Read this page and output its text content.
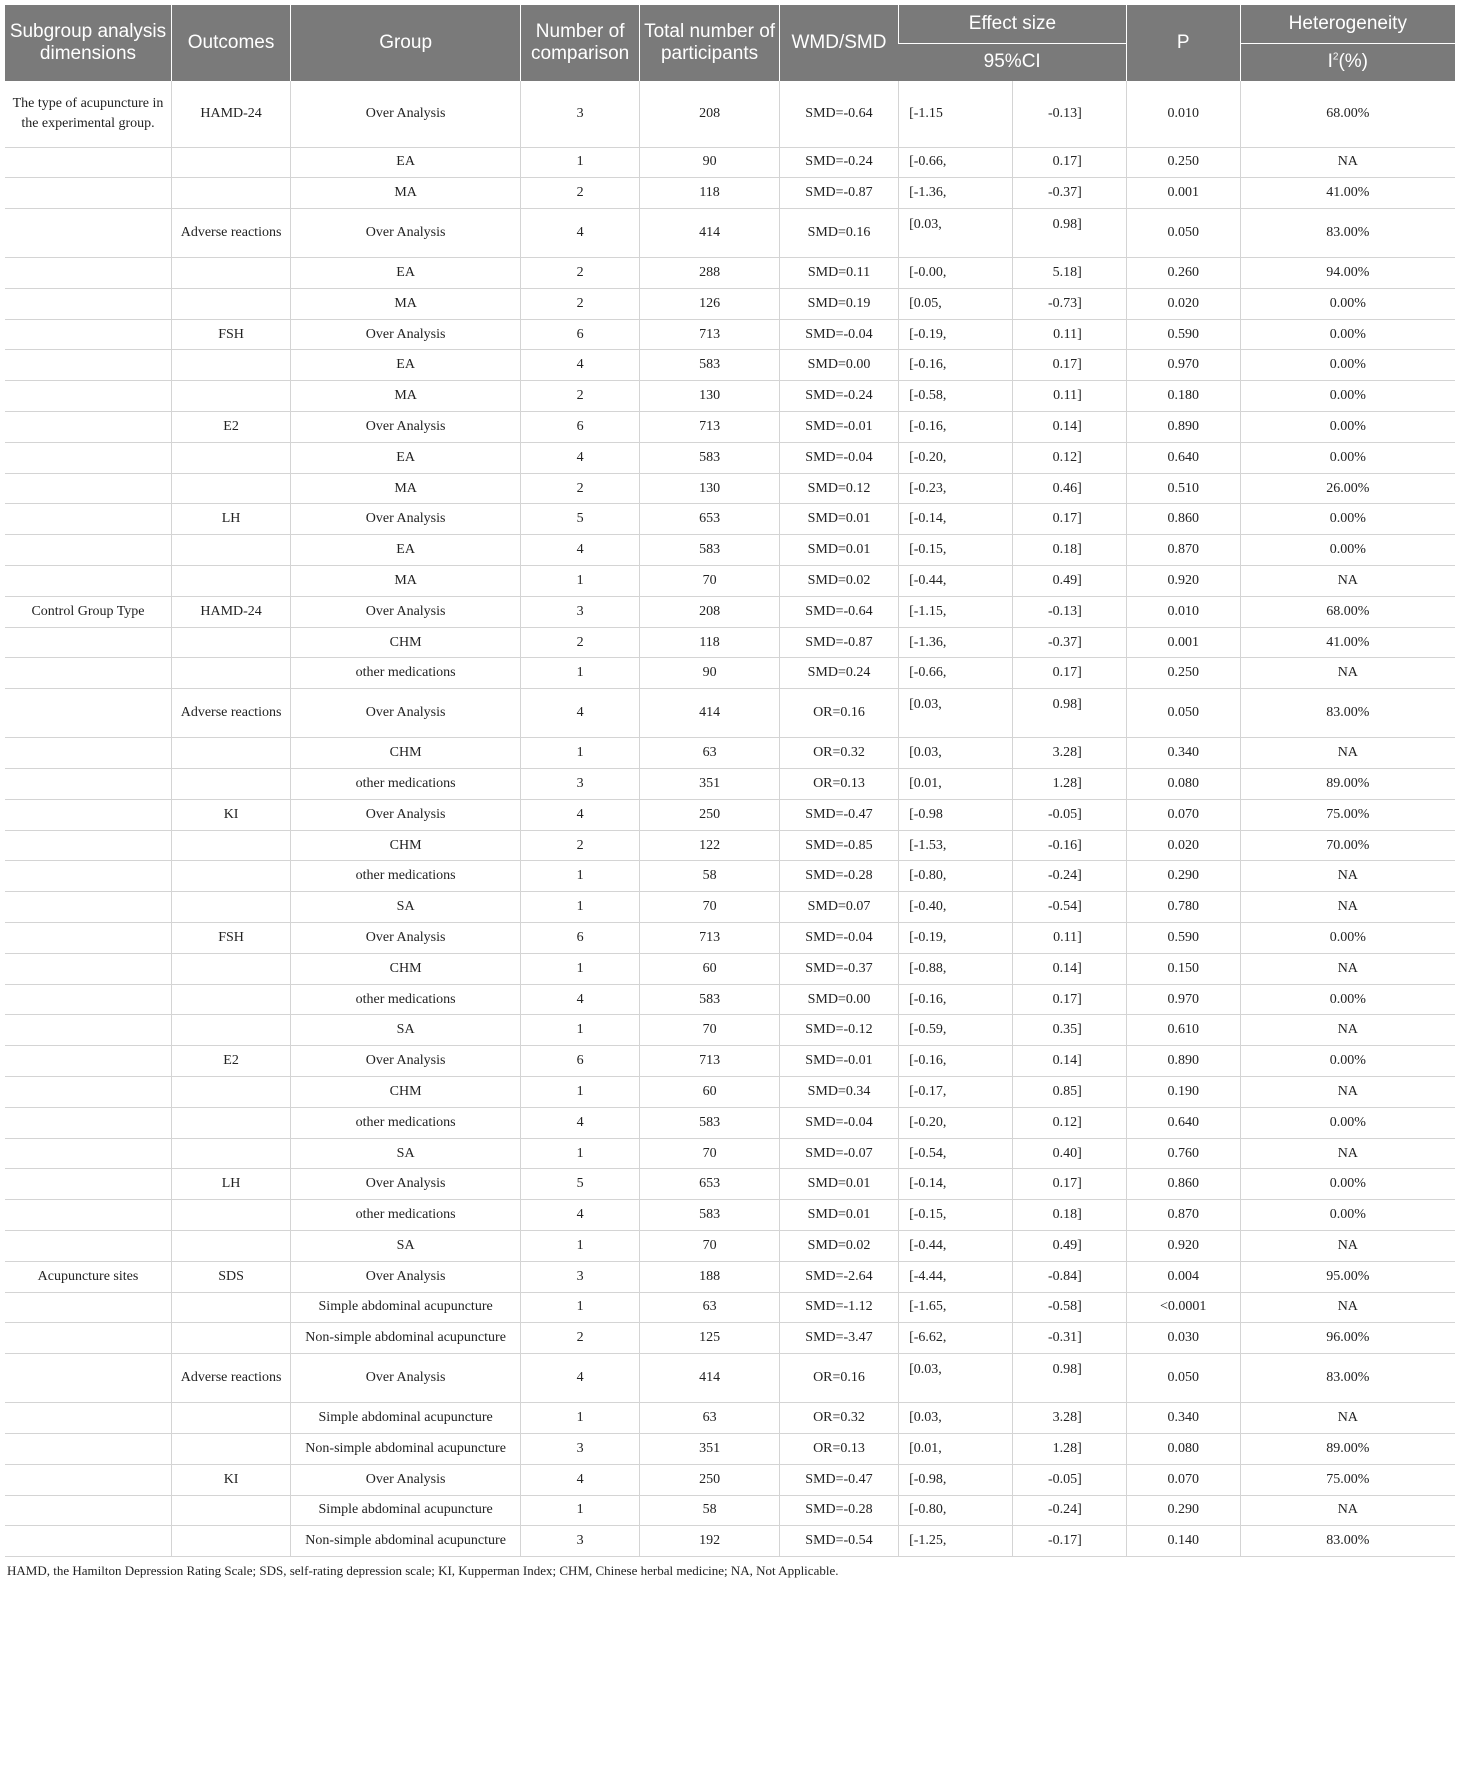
Subgroup analysis dimensions	Outcomes	Group	Number of comparison	Total number of participants	WMD/SMD	Effect size		P	Heterogeneity
						95%CI			$I^2(\%)$
The type of acupuncture in the experimental group.	HAMD-24	Over Analysis	3	208	SMD=-0.64	[-1.15	-0.13]	0.010	68.00%
		EA	1	90	SMD=-0.24	[-0.66,	0.17]	0.250	NA
		MA	2	118	SMD=-0.87	[-1.36,	-0.37]	0.001	41.00%
	Adverse reactions	Over Analysis	4	414	SMD=0.16	[0.03,	0.98]	0.050	83.00%
		EA	2	288	SMD=0.11	[-0.00,	5.18]	0.260	94.00%
		MA	2	126	SMD=0.19	[0.05,	-0.73]	0.020	0.00%
	FSH	Over Analysis	6	713	SMD=-0.04	[-0.19,	0.11]	0.590	0.00%
		EA	4	583	SMD=0.00	[-0.16,	0.17]	0.970	0.00%
		MA	2	130	SMD=-0.24	[-0.58,	0.11]	0.180	0.00%
	E2	Over Analysis	6	713	SMD=-0.01	[-0.16,	0.14]	0.890	0.00%
		EA	4	583	SMD=-0.04	[-0.20,	0.12]	0.640	0.00%
		MA	2	130	SMD=0.12	[-0.23,	0.46]	0.510	26.00%
	LH	Over Analysis	5	653	SMD=0.01	[-0.14,	0.17]	0.860	0.00%
		EA	4	583	SMD=0.01	[-0.15,	0.18]	0.870	0.00%
		MA	1	70	SMD=0.02	[-0.44,	0.49]	0.920	NA
Control Group Type	HAMD-24	Over Analysis	3	208	SMD=-0.64	[-1.15,	-0.13]	0.010	68.00%
		CHM	2	118	SMD=-0.87	[-1.36,	-0.37]	0.001	41.00%
		other medications	1	90	SMD=0.24	[-0.66,	0.17]	0.250	NA
	Adverse reactions	Over Analysis	4	414	OR=0.16	[0.03,	0.98]	0.050	83.00%
		CHM	1	63	OR=0.32	[0.03,	3.28]	0.340	NA
		other medications	3	351	OR=0.13	[0.01,	1.28]	0.080	89.00%
	KI	Over Analysis	4	250	SMD=-0.47	[-0.98	-0.05]	0.070	75.00%
		CHM	2	122	SMD=-0.85	[-1.53,	-0.16]	0.020	70.00%
		other medications	1	58	SMD=-0.28	[-0.80,	-0.24]	0.290	NA
		SA	1	70	SMD=0.07	[-0.40,	-0.54]	0.780	NA
	FSH	Over Analysis	6	713	SMD=-0.04	[-0.19,	0.11]	0.590	0.00%
		CHM	1	60	SMD=-0.37	[-0.88,	0.14]	0.150	NA
		other medications	4	583	SMD=0.00	[-0.16,	0.17]	0.970	0.00%
		SA	1	70	SMD=-0.12	[-0.59,	0.35]	0.610	NA
	E2	Over Analysis	6	713	SMD=-0.01	[-0.16,	0.14]	0.890	0.00%
		CHM	1	60	SMD=0.34	[-0.17,	0.85]	0.190	NA
		other medications	4	583	SMD=-0.04	[-0.20,	0.12]	0.640	0.00%
		SA	1	70	SMD=-0.07	[-0.54,	0.40]	0.760	NA
	LH	Over Analysis	5	653	SMD=0.01	[-0.14,	0.17]	0.860	0.00%
		other medications	4	583	SMD=0.01	[-0.15,	0.18]	0.870	0.00%
		SA	1	70	SMD=0.02	[-0.44,	0.49]	0.920	NA
Acupuncture sites	SDS	Over Analysis	3	188	SMD=-2.64	[-4.44,	-0.84]	0.004	95.00%
		Simple abdominal acupuncture	1	63	SMD=-1.12	[-1.65,	-0.58]	<0.0001	NA
		Non-simple abdominal acupuncture	2	125	SMD=-3.47	[-6.62,	-0.31]	0.030	96.00%
	Adverse reactions	Over Analysis	4	414	OR=0.16	[0.03,	0.98]	0.050	83.00%
		Simple abdominal acupuncture	1	63	OR=0.32	[0.03,	3.28]	0.340	NA
		Non-simple abdominal acupuncture	3	351	OR=0.13	[0.01,	1.28]	0.080	89.00%
	KI	Over Analysis	4	250	SMD=-0.47	[-0.98,	-0.05]	0.070	75.00%
		Simple abdominal acupuncture	1	58	SMD=-0.28	[-0.80,	-0.24]	0.290	NA
		Non-simple abdominal acupuncture	3	192	SMD=-0.54	[-1.25,	-0.17]	0.140	83.00%
HAMD, the Hamilton Depression Rating Scale; SDS, self-rating depression scale; KI, Kupperman Index; CHM, Chinese herbal medicine; NA, Not Applicable.
